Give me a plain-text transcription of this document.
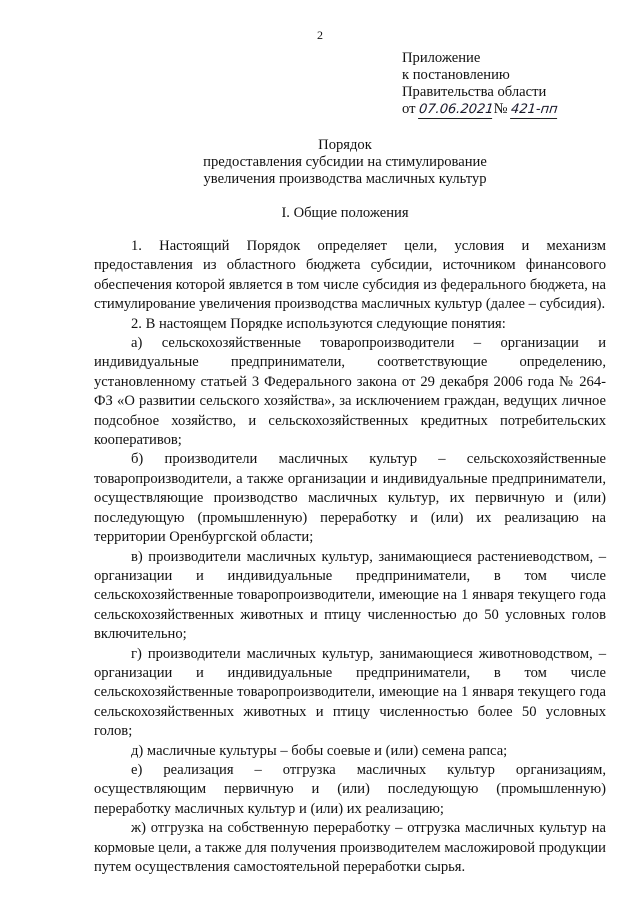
2
Приложение
к постановлению
Правительства области
от 07.06.2021№ 421-пп
Порядок
предоставления субсидии на стимулирование
увеличения производства масличных культур
I. Общие положения

1. Настоящий Порядок определяет цели, условия и механизм предоставления из областного бюджета субсидии, источником финансового обеспечения которой является в том числе субсидия из федерального бюджета, на стимулирование увеличения производства масличных культур (далее – субсидия).

2. В настоящем Порядке используются следующие понятия:

а) сельскохозяйственные товаропроизводители – организации и индивидуальные предприниматели, соответствующие определению, установленному статьей 3 Федерального закона от 29 декабря 2006 года № 264-ФЗ «О развитии сельского хозяйства», за исключением граждан, ведущих личное подсобное хозяйство, и сельскохозяйственных кредитных потребительских кооперативов;

б) производители масличных культур – сельскохозяйственные товаропроизводители, а также организации и индивидуальные предприниматели, осуществляющие производство масличных культур, их первичную и (или) последующую (промышленную) переработку и (или) их реализацию на территории Оренбургской области;

в) производители масличных культур, занимающиеся растениеводством, – организации и индивидуальные предприниматели, в том числе сельскохозяйственные товаропроизводители, имеющие на 1 января текущего года сельскохозяйственных животных и птицу численностью до 50 условных голов включительно;

г) производители масличных культур, занимающиеся животноводством, – организации и индивидуальные предприниматели, в том числе сельскохозяйственные товаропроизводители, имеющие на 1 января текущего года сельскохозяйственных животных и птицу численностью более 50 условных голов;

д) масличные культуры – бобы соевые и (или) семена рапса;

е) реализация – отгрузка масличных культур организациям, осуществляющим первичную и (или) последующую (промышленную) переработку масличных культур и (или) их реализацию;

ж) отгрузка на собственную переработку – отгрузка масличных культур на кормовые цели, а также для получения производителем масложировой продукции путем осуществления самостоятельной переработки сырья.
